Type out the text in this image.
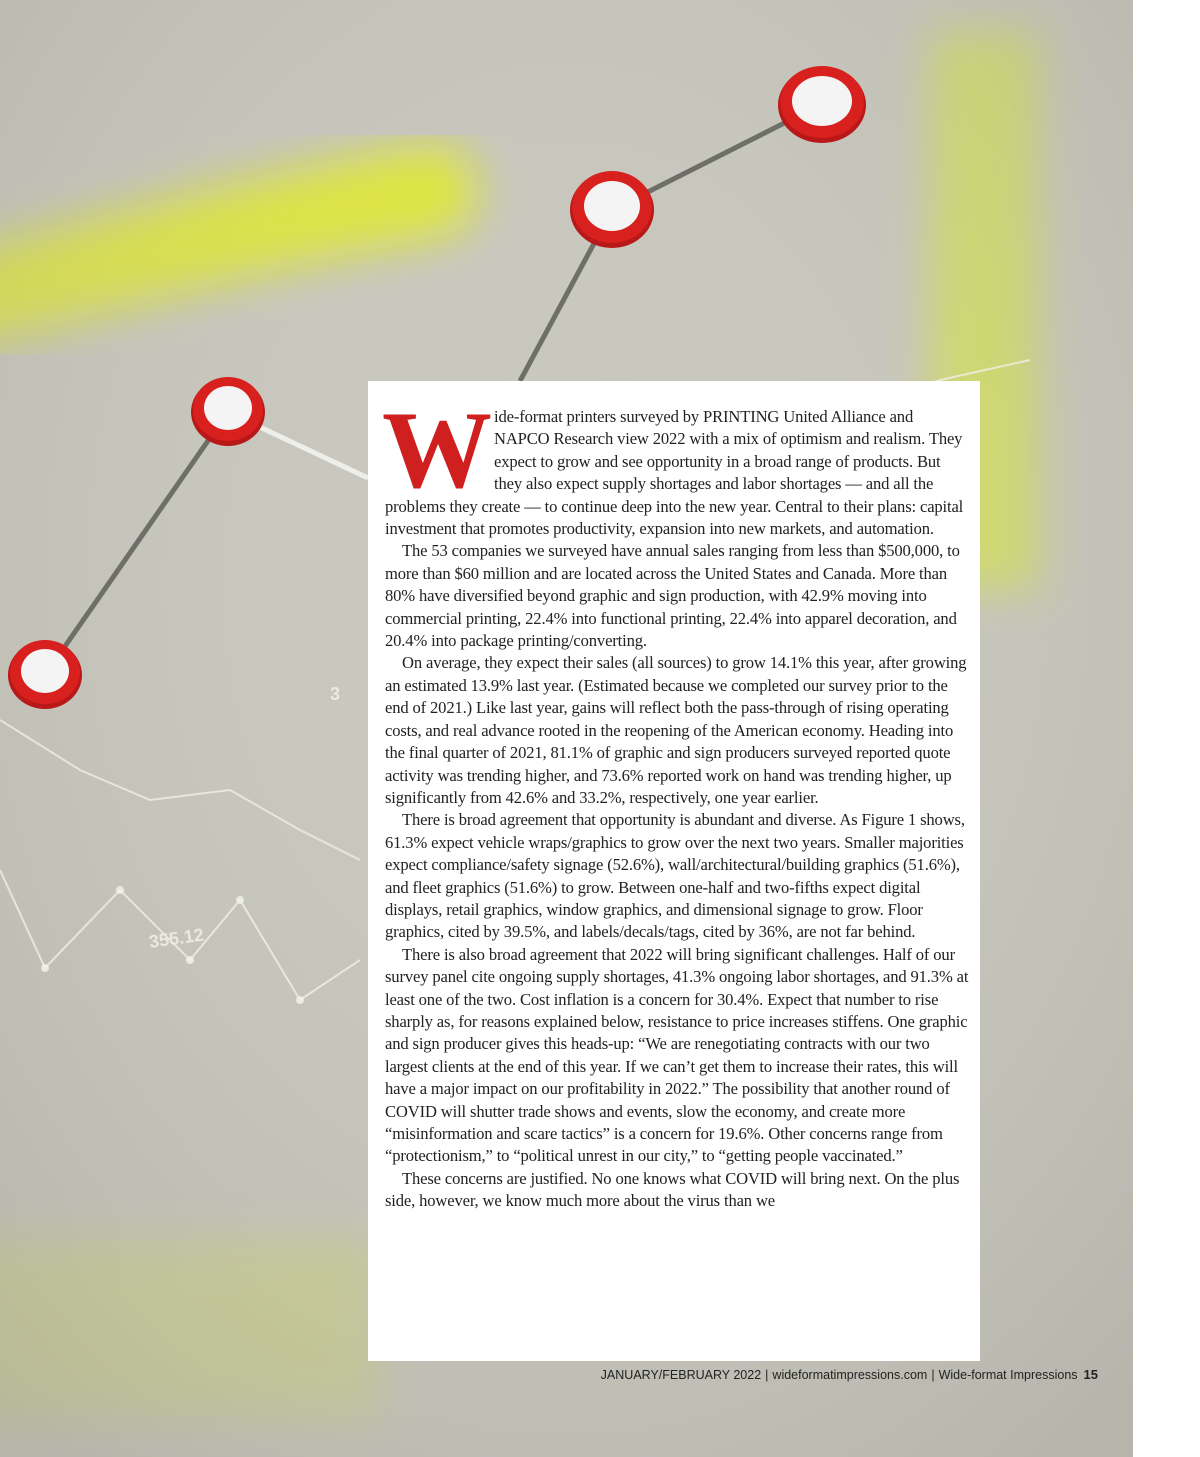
355.12
3

Wide-format printers surveyed by PRINTING United Alliance and NAPCO Research view 2022 with a mix of optimism and realism. They expect to grow and see opportunity in a broad range of products. But they also expect supply shortages and labor shortages — and all the problems they create — to continue deep into the new year. Central to their plans: capital investment that promotes productivity, expansion into new markets, and automation.

The 53 companies we surveyed have annual sales ranging from less than $500,000, to more than $60 million and are located across the United States and Canada. More than 80% have diversified beyond graphic and sign production, with 42.9% moving into commercial printing, 22.4% into functional printing, 22.4% into apparel decoration, and 20.4% into package printing/converting.

On average, they expect their sales (all sources) to grow 14.1% this year, after growing an estimated 13.9% last year. (Estimated because we completed our survey prior to the end of 2021.) Like last year, gains will reflect both the pass-through of rising operating costs, and real advance rooted in the reopening of the American economy. Heading into the final quarter of 2021, 81.1% of graphic and sign producers surveyed reported quote activity was trending higher, and 73.6% reported work on hand was trending higher, up significantly from 42.6% and 33.2%, respectively, one year earlier.

There is broad agreement that opportunity is abundant and diverse. As Figure 1 shows, 61.3% expect vehicle wraps/graphics to grow over the next two years. Smaller majorities expect compliance/safety signage (52.6%), wall/architectural/building graphics (51.6%), and fleet graphics (51.6%) to grow. Between one-half and two-fifths expect digital displays, retail graphics, window graphics, and dimensional signage to grow. Floor graphics, cited by 39.5%, and labels/decals/tags, cited by 36%, are not far behind.

There is also broad agreement that 2022 will bring significant challenges. Half of our survey panel cite ongoing supply shortages, 41.3% ongoing labor shortages, and 91.3% at least one of the two. Cost inflation is a concern for 30.4%. Expect that number to rise sharply as, for reasons explained below, resistance to price increases stiffens. One graphic and sign producer gives this heads-up: “We are renegotiating contracts with our two largest clients at the end of this year. If we can’t get them to increase their rates, this will have a major impact on our profitability in 2022.” The possibility that another round of COVID will shutter trade shows and events, slow the economy, and create more “misinformation and scare tactics” is a concern for 19.6%. Other concerns range from “protectionism,” to “political unrest in our city,” to “getting people vaccinated.”

These concerns are justified. No one knows what COVID will bring next. On the plus side, however, we know much more about the virus than we

JANUARY/FEBRUARY 2022 | wideformatimpressions.com | Wide-format Impressions 15
